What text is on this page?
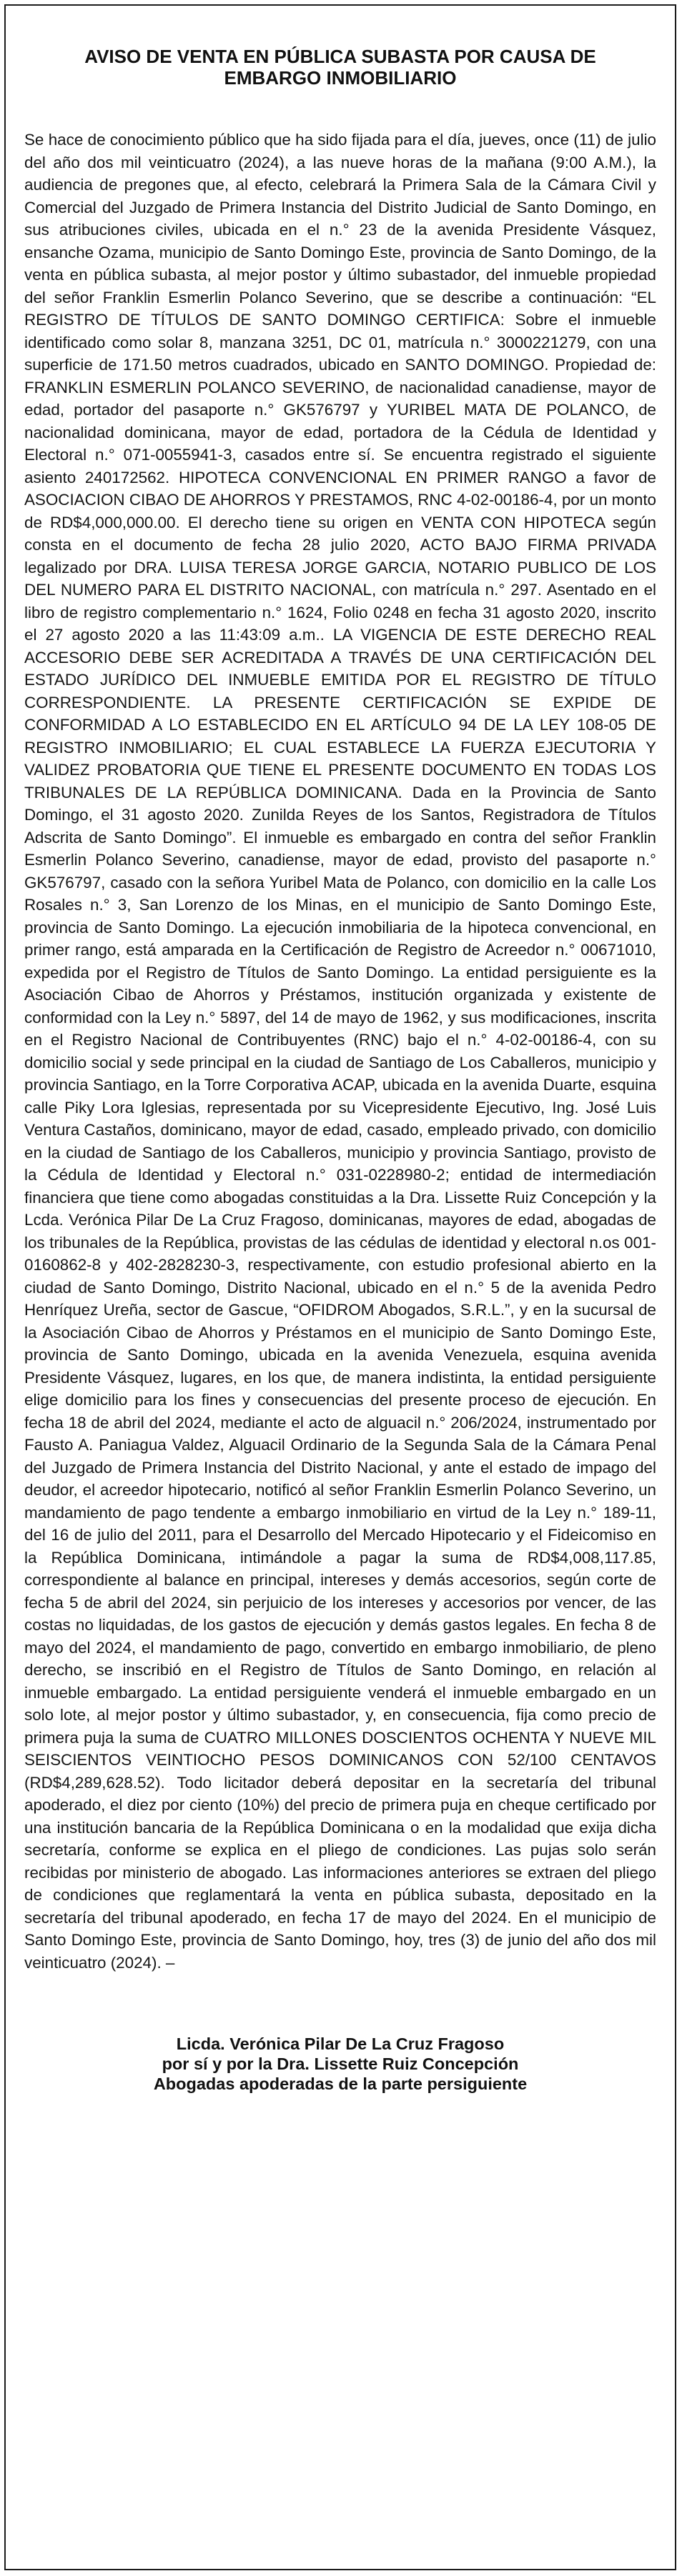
AVISO DE VENTA EN PÚBLICA SUBASTA POR CAUSA DE EMBARGO INMOBILIARIO
Se hace de conocimiento público que ha sido fijada para el día, jueves, once (11) de julio del año dos mil veinticuatro (2024), a las nueve horas de la mañana (9:00 A.M.), la audiencia de pregones que, al efecto, celebrará la Primera Sala de la Cámara Civil y Comercial del Juzgado de Primera Instancia del Distrito Judicial de Santo Domingo, en sus atribuciones civiles, ubicada en el n.° 23 de la avenida Presidente Vásquez, ensanche Ozama, municipio de Santo Domingo Este, provincia de Santo Domingo, de la venta en pública subasta, al mejor postor y último subastador, del inmueble propiedad del señor Franklin Esmerlin Polanco Severino, que se describe a continuación: “EL REGISTRO DE TÍTULOS DE SANTO DOMINGO CERTIFICA: Sobre el inmueble identificado como solar 8, manzana 3251, DC 01, matrícula n.° 3000221279, con una superficie de 171.50 metros cuadrados, ubicado en SANTO DOMINGO. Propiedad de: FRANKLIN ESMERLIN POLANCO SEVERINO, de nacionalidad canadiense, mayor de edad, portador del pasaporte n.° GK576797 y YURIBEL MATA DE POLANCO, de nacionalidad dominicana, mayor de edad, portadora de la Cédula de Identidad y Electoral n.° 071-0055941-3, casados entre sí. Se encuentra registrado el siguiente asiento 240172562. HIPOTECA CONVENCIONAL EN PRIMER RANGO a favor de ASOCIACION CIBAO DE AHORROS Y PRESTAMOS, RNC 4-02-00186-4, por un monto de RD$4,000,000.00. El derecho tiene su origen en VENTA CON HIPOTECA según consta en el documento de fecha 28 julio 2020, ACTO BAJO FIRMA PRIVADA legalizado por DRA. LUISA TERESA JORGE GARCIA, NOTARIO PUBLICO DE LOS DEL NUMERO PARA EL DISTRITO NACIONAL, con matrícula n.° 297. Asentado en el libro de registro complementario n.° 1624, Folio 0248 en fecha 31 agosto 2020, inscrito el 27 agosto 2020 a las 11:43:09 a.m.. LA VIGENCIA DE ESTE DERECHO REAL ACCESORIO DEBE SER ACREDITADA A TRAVÉS DE UNA CERTIFICACIÓN DEL ESTADO JURÍDICO DEL INMUEBLE EMITIDA POR EL REGISTRO DE TÍTULO CORRESPONDIENTE. LA PRESENTE CERTIFICACIÓN SE EXPIDE DE CONFORMIDAD A LO ESTABLECIDO EN EL ARTÍCULO 94 DE LA LEY 108-05 DE REGISTRO INMOBILIARIO; EL CUAL ESTABLECE LA FUERZA EJECUTORIA Y VALIDEZ PROBATORIA QUE TIENE EL PRESENTE DOCUMENTO EN TODAS LOS TRIBUNALES DE LA REPÚBLICA DOMINICANA. Dada en la Provincia de Santo Domingo, el 31 agosto 2020. Zunilda Reyes de los Santos, Registradora de Títulos Adscrita de Santo Domingo”. El inmueble es embargado en contra del señor Franklin Esmerlin Polanco Severino, canadiense, mayor de edad, provisto del pasaporte n.° GK576797, casado con la señora Yuribel Mata de Polanco, con domicilio en la calle Los Rosales n.° 3, San Lorenzo de los Minas, en el municipio de Santo Domingo Este, provincia de Santo Domingo. La ejecución inmobiliaria de la hipoteca convencional, en primer rango, está amparada en la Certificación de Registro de Acreedor n.° 00671010, expedida por el Registro de Títulos de Santo Domingo. La entidad persiguiente es la Asociación Cibao de Ahorros y Préstamos, institución organizada y existente de conformidad con la Ley n.° 5897, del 14 de mayo de 1962, y sus modificaciones, inscrita en el Registro Nacional de Contribuyentes (RNC) bajo el n.° 4-02-00186-4, con su domicilio social y sede principal en la ciudad de Santiago de Los Caballeros, municipio y provincia Santiago, en la Torre Corporativa ACAP, ubicada en la avenida Duarte, esquina calle Piky Lora Iglesias, representada por su Vicepresidente Ejecutivo, Ing. José Luis Ventura Castaños, dominicano, mayor de edad, casado, empleado privado, con domicilio en la ciudad de Santiago de los Caballeros, municipio y provincia Santiago, provisto de la Cédula de Identidad y Electoral n.° 031-0228980-2; entidad de intermediación financiera que tiene como abogadas constituidas a la Dra. Lissette Ruiz Concepción y la Lcda. Verónica Pilar De La Cruz Fragoso, dominicanas, mayores de edad, abogadas de los tribunales de la República, provistas de las cédulas de identidad y electoral n.os 001-0160862-8 y 402-2828230-3, respectivamente, con estudio profesional abierto en la ciudad de Santo Domingo, Distrito Nacional, ubicado en el n.° 5 de la avenida Pedro Henríquez Ureña, sector de Gascue, “OFIDROM Abogados, S.R.L.”, y en la sucursal de la Asociación Cibao de Ahorros y Préstamos en el municipio de Santo Domingo Este, provincia de Santo Domingo, ubicada en la avenida Venezuela, esquina avenida Presidente Vásquez, lugares, en los que, de manera indistinta, la entidad persiguiente elige domicilio para los fines y consecuencias del presente proceso de ejecución. En fecha 18 de abril del 2024, mediante el acto de alguacil n.° 206/2024, instrumentado por Fausto A. Paniagua Valdez, Alguacil Ordinario de la Segunda Sala de la Cámara Penal del Juzgado de Primera Instancia del Distrito Nacional, y ante el estado de impago del deudor, el acreedor hipotecario, notificó al señor Franklin Esmerlin Polanco Severino, un mandamiento de pago tendente a embargo inmobiliario en virtud de la Ley n.° 189-11, del 16 de julio del 2011, para el Desarrollo del Mercado Hipotecario y el Fideicomiso en la República Dominicana, intimándole a pagar la suma de RD$4,008,117.85, correspondiente al balance en principal, intereses y demás accesorios, según corte de fecha 5 de abril del 2024, sin perjuicio de los intereses y accesorios por vencer, de las costas no liquidadas, de los gastos de ejecución y demás gastos legales. En fecha 8 de mayo del 2024, el mandamiento de pago, convertido en embargo inmobiliario, de pleno derecho, se inscribió en el Registro de Títulos de Santo Domingo, en relación al inmueble embargado. La entidad persiguiente venderá el inmueble embargado en un solo lote, al mejor postor y último subastador, y, en consecuencia, fija como precio de primera puja la suma de CUATRO MILLONES DOSCIENTOS OCHENTA Y NUEVE MIL SEISCIENTOS VEINTIOCHO PESOS DOMINICANOS CON 52/100 CENTAVOS (RD$4,289,628.52). Todo licitador deberá depositar en la secretaría del tribunal apoderado, el diez por ciento (10%) del precio de primera puja en cheque certificado por una institución bancaria de la República Dominicana o en la modalidad que exija dicha secretaría, conforme se explica en el pliego de condiciones. Las pujas solo serán recibidas por ministerio de abogado. Las informaciones anteriores se extraen del pliego de condiciones que reglamentará la venta en pública subasta, depositado en la secretaría del tribunal apoderado, en fecha 17 de mayo del 2024. En el municipio de Santo Domingo Este, provincia de Santo Domingo, hoy, tres (3) de junio del año dos mil veinticuatro (2024). –
Licda. Verónica Pilar De La Cruz Fragoso
por sí y por la Dra. Lissette Ruiz Concepción
Abogadas apoderadas de la parte persiguiente
